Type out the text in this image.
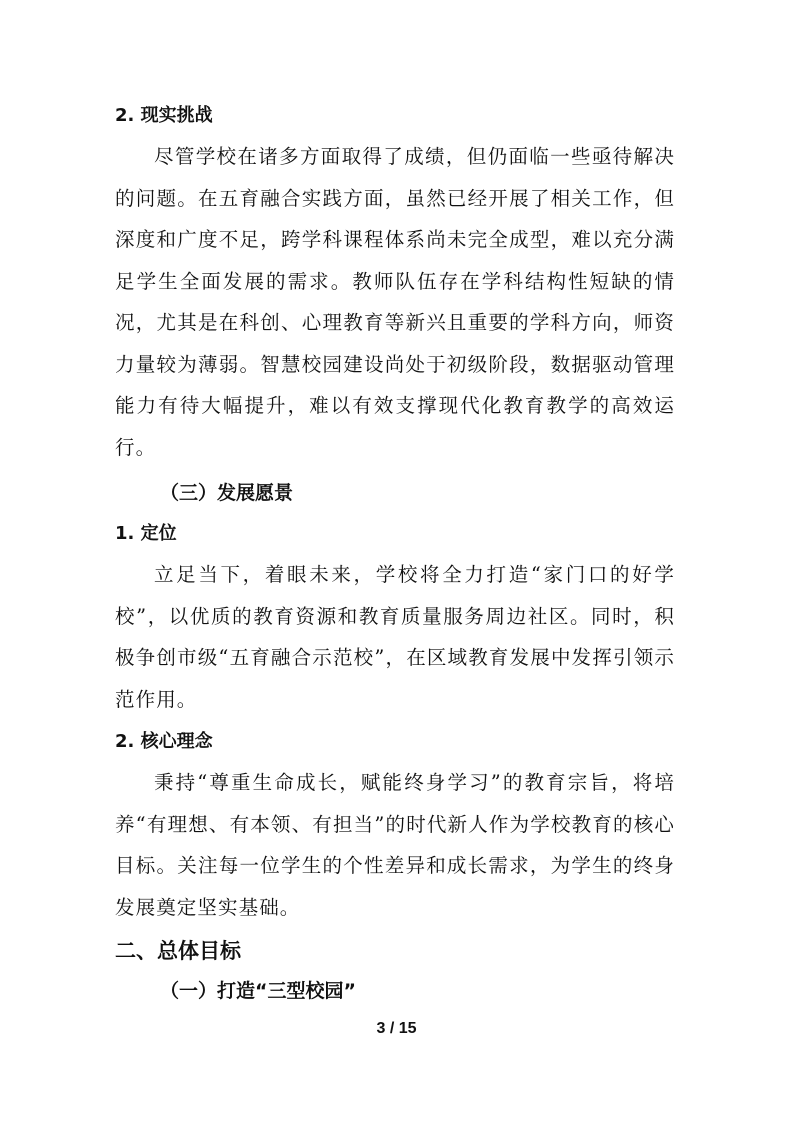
2. 现实挑战
尽管学校在诸多方面取得了成绩，但仍面临一些亟待解决的问题。在五育融合实践方面，虽然已经开展了相关工作，但深度和广度不足，跨学科课程体系尚未完全成型，难以充分满足学生全面发展的需求。教师队伍存在学科结构性短缺的情况，尤其是在科创、心理教育等新兴且重要的学科方向，师资力量较为薄弱。智慧校园建设尚处于初级阶段，数据驱动管理能力有待大幅提升，难以有效支撑现代化教育教学的高效运行。
（三）发展愿景
1. 定位
立足当下，着眼未来，学校将全力打造“家门口的好学校”，以优质的教育资源和教育质量服务周边社区。同时，积极争创市级“五育融合示范校”，在区域教育发展中发挥引领示范作用。
2. 核心理念
秉持“尊重生命成长，赋能终身学习”的教育宗旨，将培养“有理想、有本领、有担当”的时代新人作为学校教育的核心目标。关注每一位学生的个性差异和成长需求，为学生的终身发展奠定坚实基础。
二、总体目标
（一）打造“三型校园”
3 / 15
